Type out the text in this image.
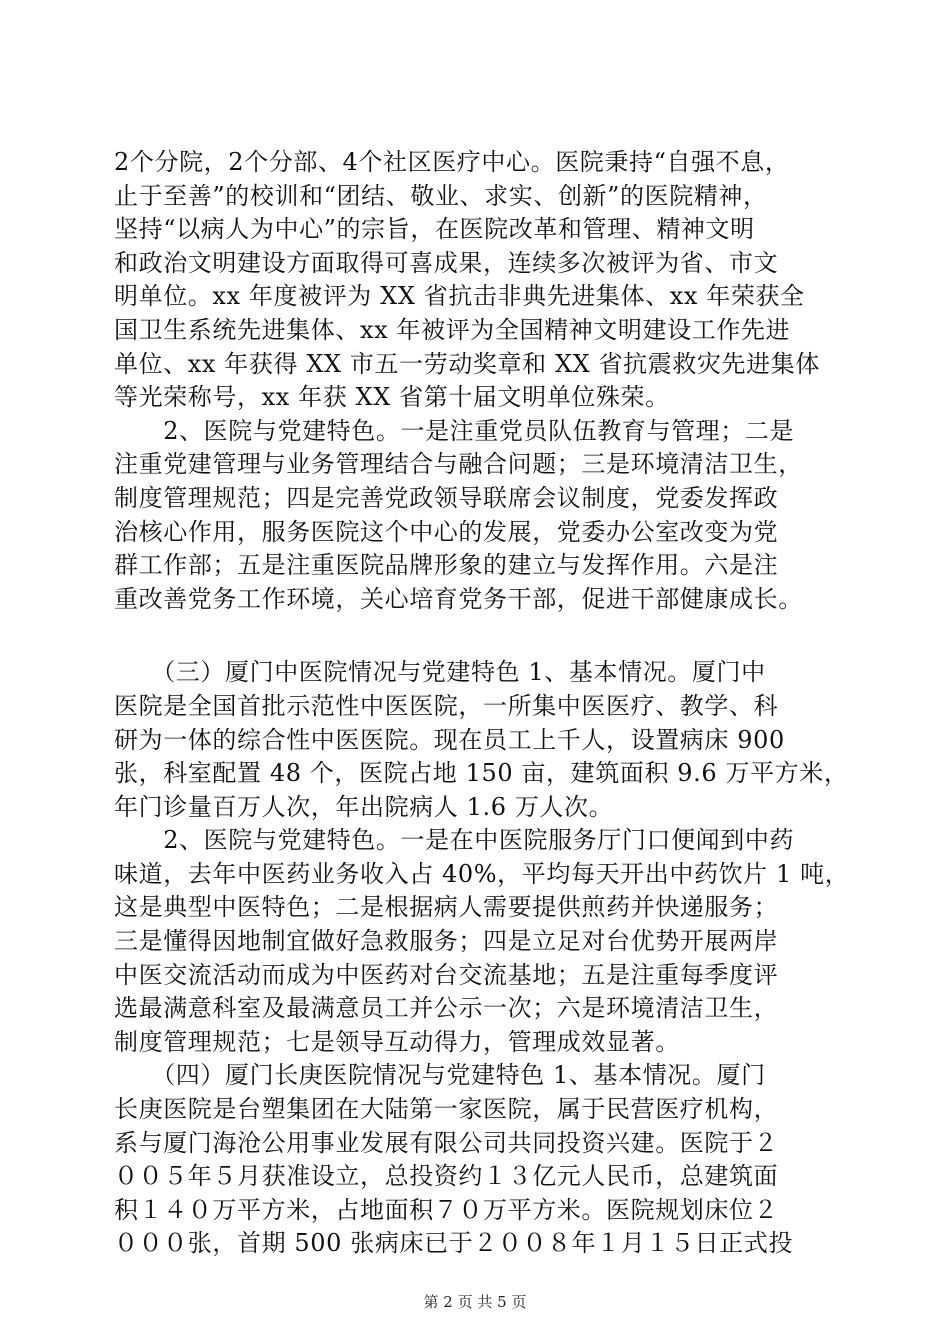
2个分院，2个分部、4个社区医疗中心。医院秉持“自强不息，
止于至善”的校训和“团结、敬业、求实、创新”的医院精神，
坚持“以病人为中心”的宗旨，在医院改革和管理、精神文明
和政治文明建设方面取得可喜成果，连续多次被评为省、市文
明单位。xx 年度被评为 XX 省抗击非典先进集体、xx 年荣获全
国卫生系统先进集体、xx 年被评为全国精神文明建设工作先进
单位、xx 年获得 XX 市五一劳动奖章和 XX 省抗震救灾先进集体
等光荣称号，xx 年获 XX 省第十届文明单位殊荣。
　　2、医院与党建特色。一是注重党员队伍教育与管理；二是
注重党建管理与业务管理结合与融合问题；三是环境清洁卫生，
制度管理规范；四是完善党政领导联席会议制度，党委发挥政
治核心作用，服务医院这个中心的发展，党委办公室改变为党
群工作部；五是注重医院品牌形象的建立与发挥作用。六是注
重改善党务工作环境，关心培育党务干部，促进干部健康成长。
　　（三）厦门中医院情况与党建特色 1、基本情况。厦门中
医院是全国首批示范性中医医院，一所集中医医疗、教学、科
研为一体的综合性中医医院。现在员工上千人，设置病床 900
张，科室配置 48 个，医院占地 150 亩，建筑面积 9.6 万平方米，
年门诊量百万人次，年出院病人 1.6 万人次。
　　2、医院与党建特色。一是在中医院服务厅门口便闻到中药
味道，去年中医药业务收入占 40%，平均每天开出中药饮片 1 吨，
这是典型中医特色；二是根据病人需要提供煎药并快递服务；
三是懂得因地制宜做好急救服务；四是立足对台优势开展两岸
中医交流活动而成为中医药对台交流基地；五是注重每季度评
选最满意科室及最满意员工并公示一次；六是环境清洁卫生，
制度管理规范；七是领导互动得力，管理成效显著。
　　（四）厦门长庚医院情况与党建特色 1、基本情况。厦门
长庚医院是台塑集团在大陆第一家医院，属于民营医疗机构，
系与厦门海沧公用事业发展有限公司共同投资兴建。医院于２
００５年５月获准设立，总投资约１３亿元人民币，总建筑面
积１４０万平方米，占地面积７０万平方米。医院规划床位２
０００张，首期 500 张病床已于２００８年１月１５日正式投
第 2 页 共 5 页
